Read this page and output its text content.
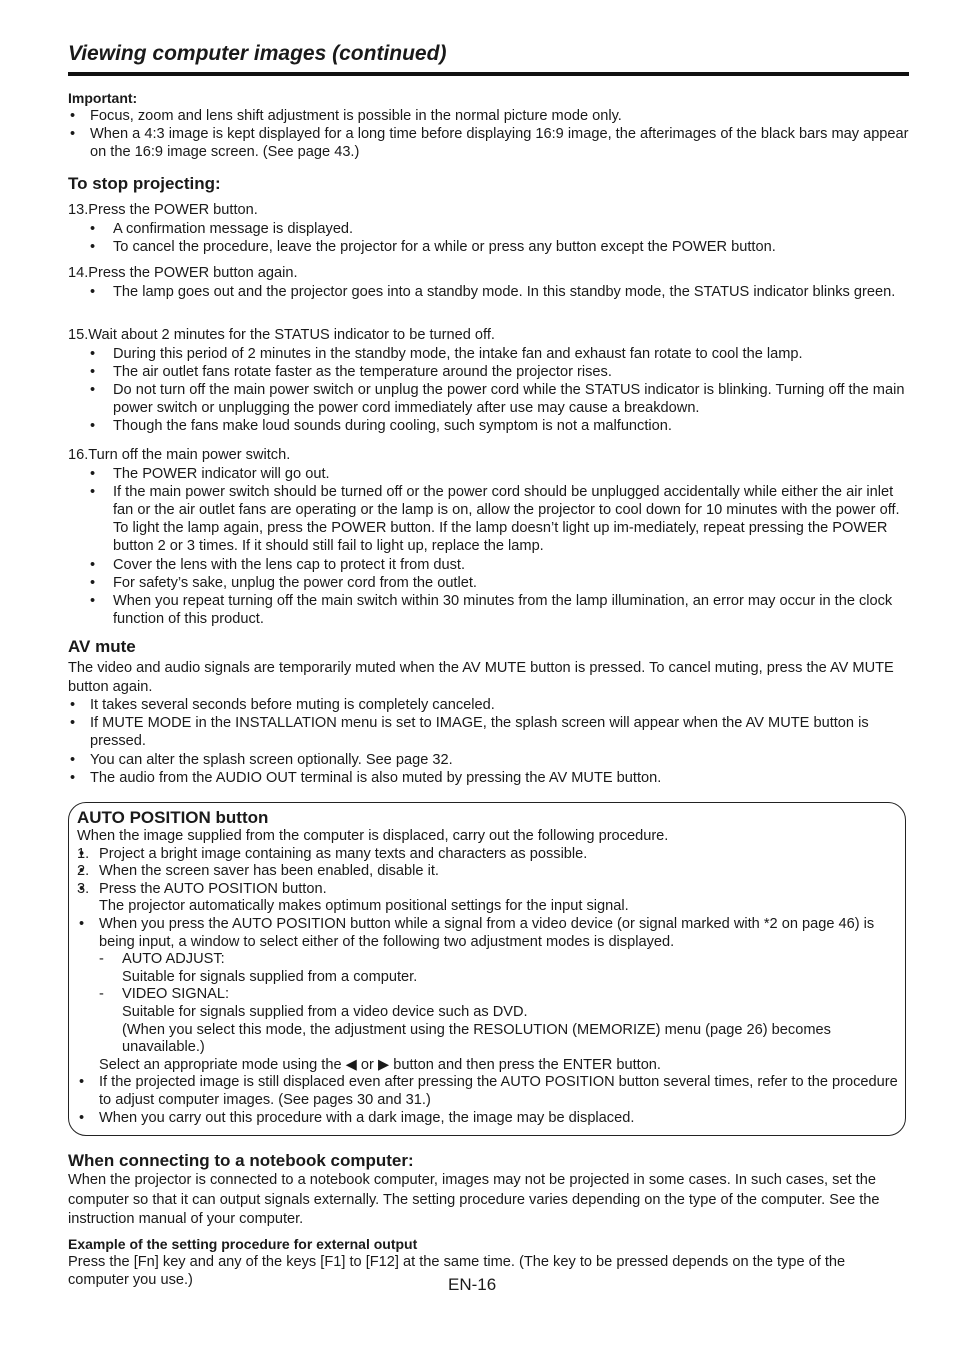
Viewing computer images (continued)
Important:
• Focus, zoom and lens shift adjustment is possible in the normal picture mode only.
• When a 4:3 image is kept displayed for a long time before displaying 16:9 image, the afterimages of the black bars may appear on the 16:9 image screen. (See page 43.)
To stop projecting:
13.Press the POWER button.
• A confirmation message is displayed.
• To cancel the procedure, leave the projector for a while or press any button except the POWER button.
14.Press the POWER button again.
• The lamp goes out and the projector goes into a standby mode. In this standby mode, the STATUS indicator blinks green.
15.Wait about 2 minutes for the STATUS indicator to be turned off.
• During this period of 2 minutes in the standby mode, the intake fan and exhaust fan rotate to cool the lamp.
• The air outlet fans rotate faster as the temperature around the projector rises.
• Do not turn off the main power switch or unplug the power cord while the STATUS indicator is blinking. Turning off the main power switch or unplugging the power cord immediately after use may cause a breakdown.
• Though the fans make loud sounds during cooling, such symptom is not a malfunction.
16.Turn off the main power switch.
• The POWER indicator will go out.
• If the main power switch should be turned off or the power cord should be unplugged accidentally while either the air inlet fan or the air outlet fans are operating or the lamp is on, allow the projector to cool down for 10 minutes with the power off. To light the lamp again, press the POWER button. If the lamp doesn’t light up im-mediately, repeat pressing the POWER button 2 or 3 times. If it should still fail to light up, replace the lamp.
• Cover the lens with the lens cap to protect it from dust.
• For safety’s sake, unplug the power cord from the outlet.
• When you repeat turning off the main switch within 30 minutes from the lamp illumination, an error may occur in the clock function of this product.
AV mute
The video and audio signals are temporarily muted when the AV MUTE button is pressed. To cancel muting, press the AV MUTE button again.
• It takes several seconds before muting is completely canceled.
• If MUTE MODE in the INSTALLATION menu is set to IMAGE, the splash screen will appear when the AV MUTE button is pressed.
• You can alter the splash screen optionally. See page 32.
• The audio from the AUDIO OUT terminal is also muted by pressing the AV MUTE button.
AUTO POSITION button
When the image supplied from the computer is displaced, carry out the following procedure.
• 1. Project a bright image containing as many texts and characters as possible.
• 2. When the screen saver has been enabled, disable it.
• 3. Press the AUTO POSITION button.
The projector automatically makes optimum positional settings for the input signal.
• When you press the AUTO POSITION button while a signal from a video device (or signal marked with *2 on page 46) is being input, a window to select either of the following two adjustment modes is displayed.
- AUTO ADJUST:
Suitable for signals supplied from a computer.
- VIDEO SIGNAL:
Suitable for signals supplied from a video device such as DVD.
(When you select this mode, the adjustment using the RESOLUTION (MEMORIZE) menu (page 26) becomes unavailable.)
Select an appropriate mode using the ◀ or ▶ button and then press the ENTER button.
• If the projected image is still displaced even after pressing the AUTO POSITION button several times, refer to the procedure to adjust computer images. (See pages 30 and 31.)
• When you carry out this procedure with a dark image, the image may be displaced.
When connecting to a notebook computer:
When the projector is connected to a notebook computer, images may not be projected in some cases. In such cases, set the computer so that it can output signals externally. The setting procedure varies depending on the type of the computer. See the instruction manual of your computer.
Example of the setting procedure for external output
Press the [Fn] key and any of the keys [F1] to [F12] at the same time. (The key to be pressed depends on the type of the computer you use.)	EN-16
